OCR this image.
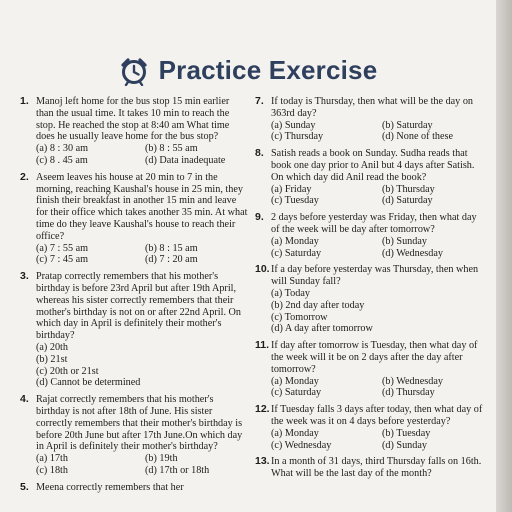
Practice Exercise
1. Manoj left home for the bus stop 15 min earlier than the usual time. It takes 10 min to reach the stop. He reached the stop at 8:40 am What time does he usually leave home for the bus stop?
(a) 8 : 30 am	(b) 8 : 55 am
(c) 8 . 45 am	(d) Data inadequate
2. Aseem leaves his house at 20 min to 7 in the morning, reaching Kaushal's house in 25 min, they finish their breakfast in another 15 min and leave for their office which takes another 35 min. At what time do they leave Kaushal's house to reach their office?
(a) 7 : 55 am	(b) 8 : 15 am
(c) 7 : 45 am	(d) 7 : 20 am
3. Pratap correctly remembers that his mother's birthday is before 23rd April but after 19th April, whereas his sister correctly remembers that their mother's birthday is not on or after 22nd April. On which day in April is definitely their mother's birthday?
(a) 20th
(b) 21st
(c) 20th or 21st
(d) Cannot be determined
4. Rajat correctly remembers that his mother's birthday is not after 18th of June. His sister correctly remembers that their mother's birthday is before 20th June but after 17th June.On which day in April is definitely their mother's birthday?
(a) 17th	(b) 19th
(c) 18th	(d) 17th or 18th
5. Meena correctly remembers that her
7. If today is Thursday, then what will be the day on 363rd day?
(a) Sunday	(b) Saturday
(c) Thursday	(d) None of these
8. Satish reads a book on Sunday. Sudha reads that book one day prior to Anil but 4 days after Satish. On which day did Anil read the book?
(a) Friday	(b) Thursday
(c) Tuesday	(d) Saturday
9. 2 days before yesterday was Friday, then what day of the week will be day after tomorrow?
(a) Monday	(b) Sunday
(c) Saturday	(d) Wednesday
10. If a day before yesterday was Thursday, then when will Sunday fall?
(a) Today
(b) 2nd day after today
(c) Tomorrow
(d) A day after tomorrow
11. If day after tomorrow is Tuesday, then what day of the week will it be on 2 days after the day after tomorrow?
(a) Monday	(b) Wednesday
(c) Saturday	(d) Thursday
12. If Tuesday falls 3 days after today, then what day of the week was it on 4 days before yesterday?
(a) Monday	(b) Tuesday
(c) Wednesday	(d) Sunday
13. In a month of 31 days, third Thursday falls on 16th. What will be the last day of the month?
